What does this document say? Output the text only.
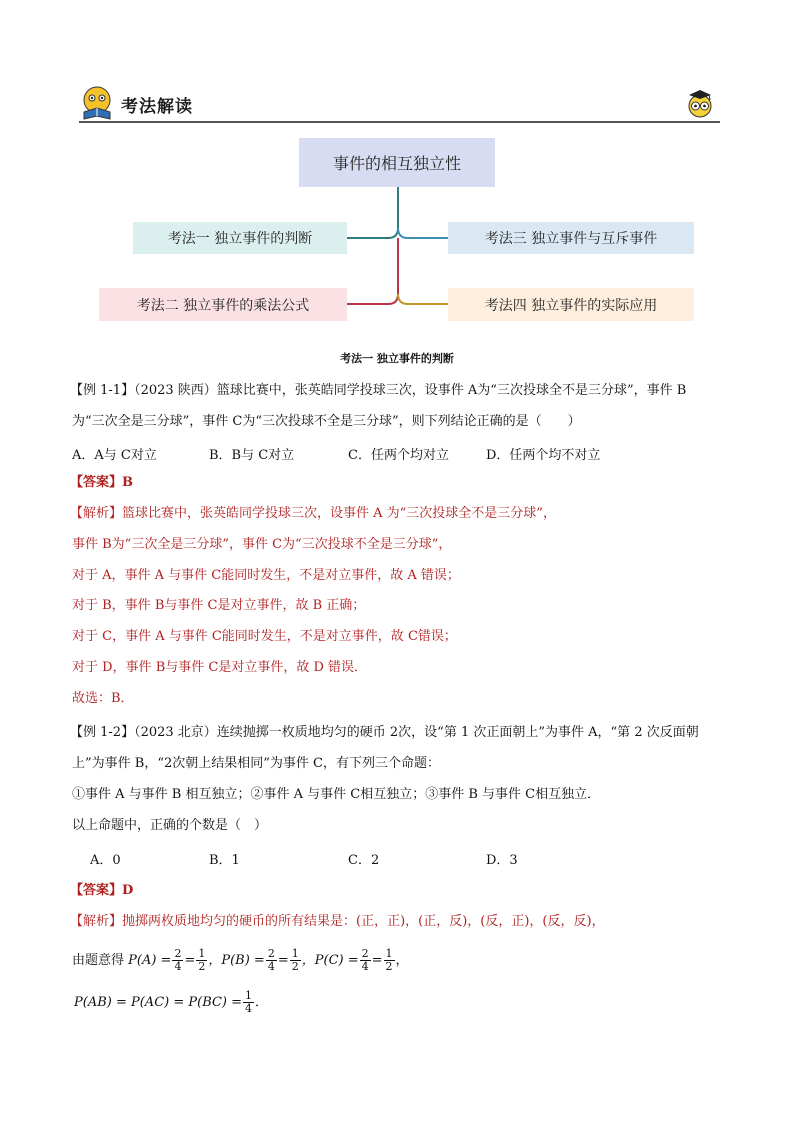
考法解读
事件的相互独立性
考法一 独立事件的判断
考法二 独立事件的乘法公式
考法三 独立事件与互斥事件
考法四 独立事件的实际应用
考法一 独立事件的判断
【例 1-1】（2023 陕西）篮球比赛中，张英皓同学投球三次，设事件 A为“三次投球全不是三分球”，事件 B
为“三次全是三分球”，事件 C为“三次投球不全是三分球”，则下列结论正确的是（　　）
A．A与 C对立	B．B与 C对立	C．任两个均对立	D．任两个均不对立
【答案】B
【解析】篮球比赛中，张英皓同学投球三次，设事件 A 为“三次投球全不是三分球”，
事件 B为“三次全是三分球”，事件 C为“三次投球不全是三分球”，
对于 A，事件 A 与事件 C能同时发生，不是对立事件，故 A 错误；
对于 B，事件 B与事件 C是对立事件，故 B 正确；
对于 C，事件 A 与事件 C能同时发生，不是对立事件，故 C错误；
对于 D，事件 B与事件 C是对立事件，故 D 错误．
故选：B．
【例 1-2】（2023 北京）连续抛掷一枚质地均匀的硬币 2次，设“第 1 次正面朝上”为事件 A，“第 2 次反面朝
上”为事件 B，“2次朝上结果相同”为事件 C，有下列三个命题：
①事件 A 与事件 B 相互独立；②事件 A 与事件 C相互独立；③事件 B 与事件 C相互独立．
以上命题中，正确的个数是（　）
A．0	B．1	C．2	D．3
【答案】D
【解析】抛掷两枚质地均匀的硬币的所有结果是：(正，正)，(正，反)，(反，正)，(反，反)，
由题意得 $P(A) = \frac{2}{4} = \frac{1}{2}$ ，$P(B) = \frac{2}{4} = \frac{1}{2}$ ，$P(C) = \frac{2}{4} = \frac{1}{2}$ ，
$P(AB) = P(AC) = P(BC) = \frac{1}{4}$ ．
